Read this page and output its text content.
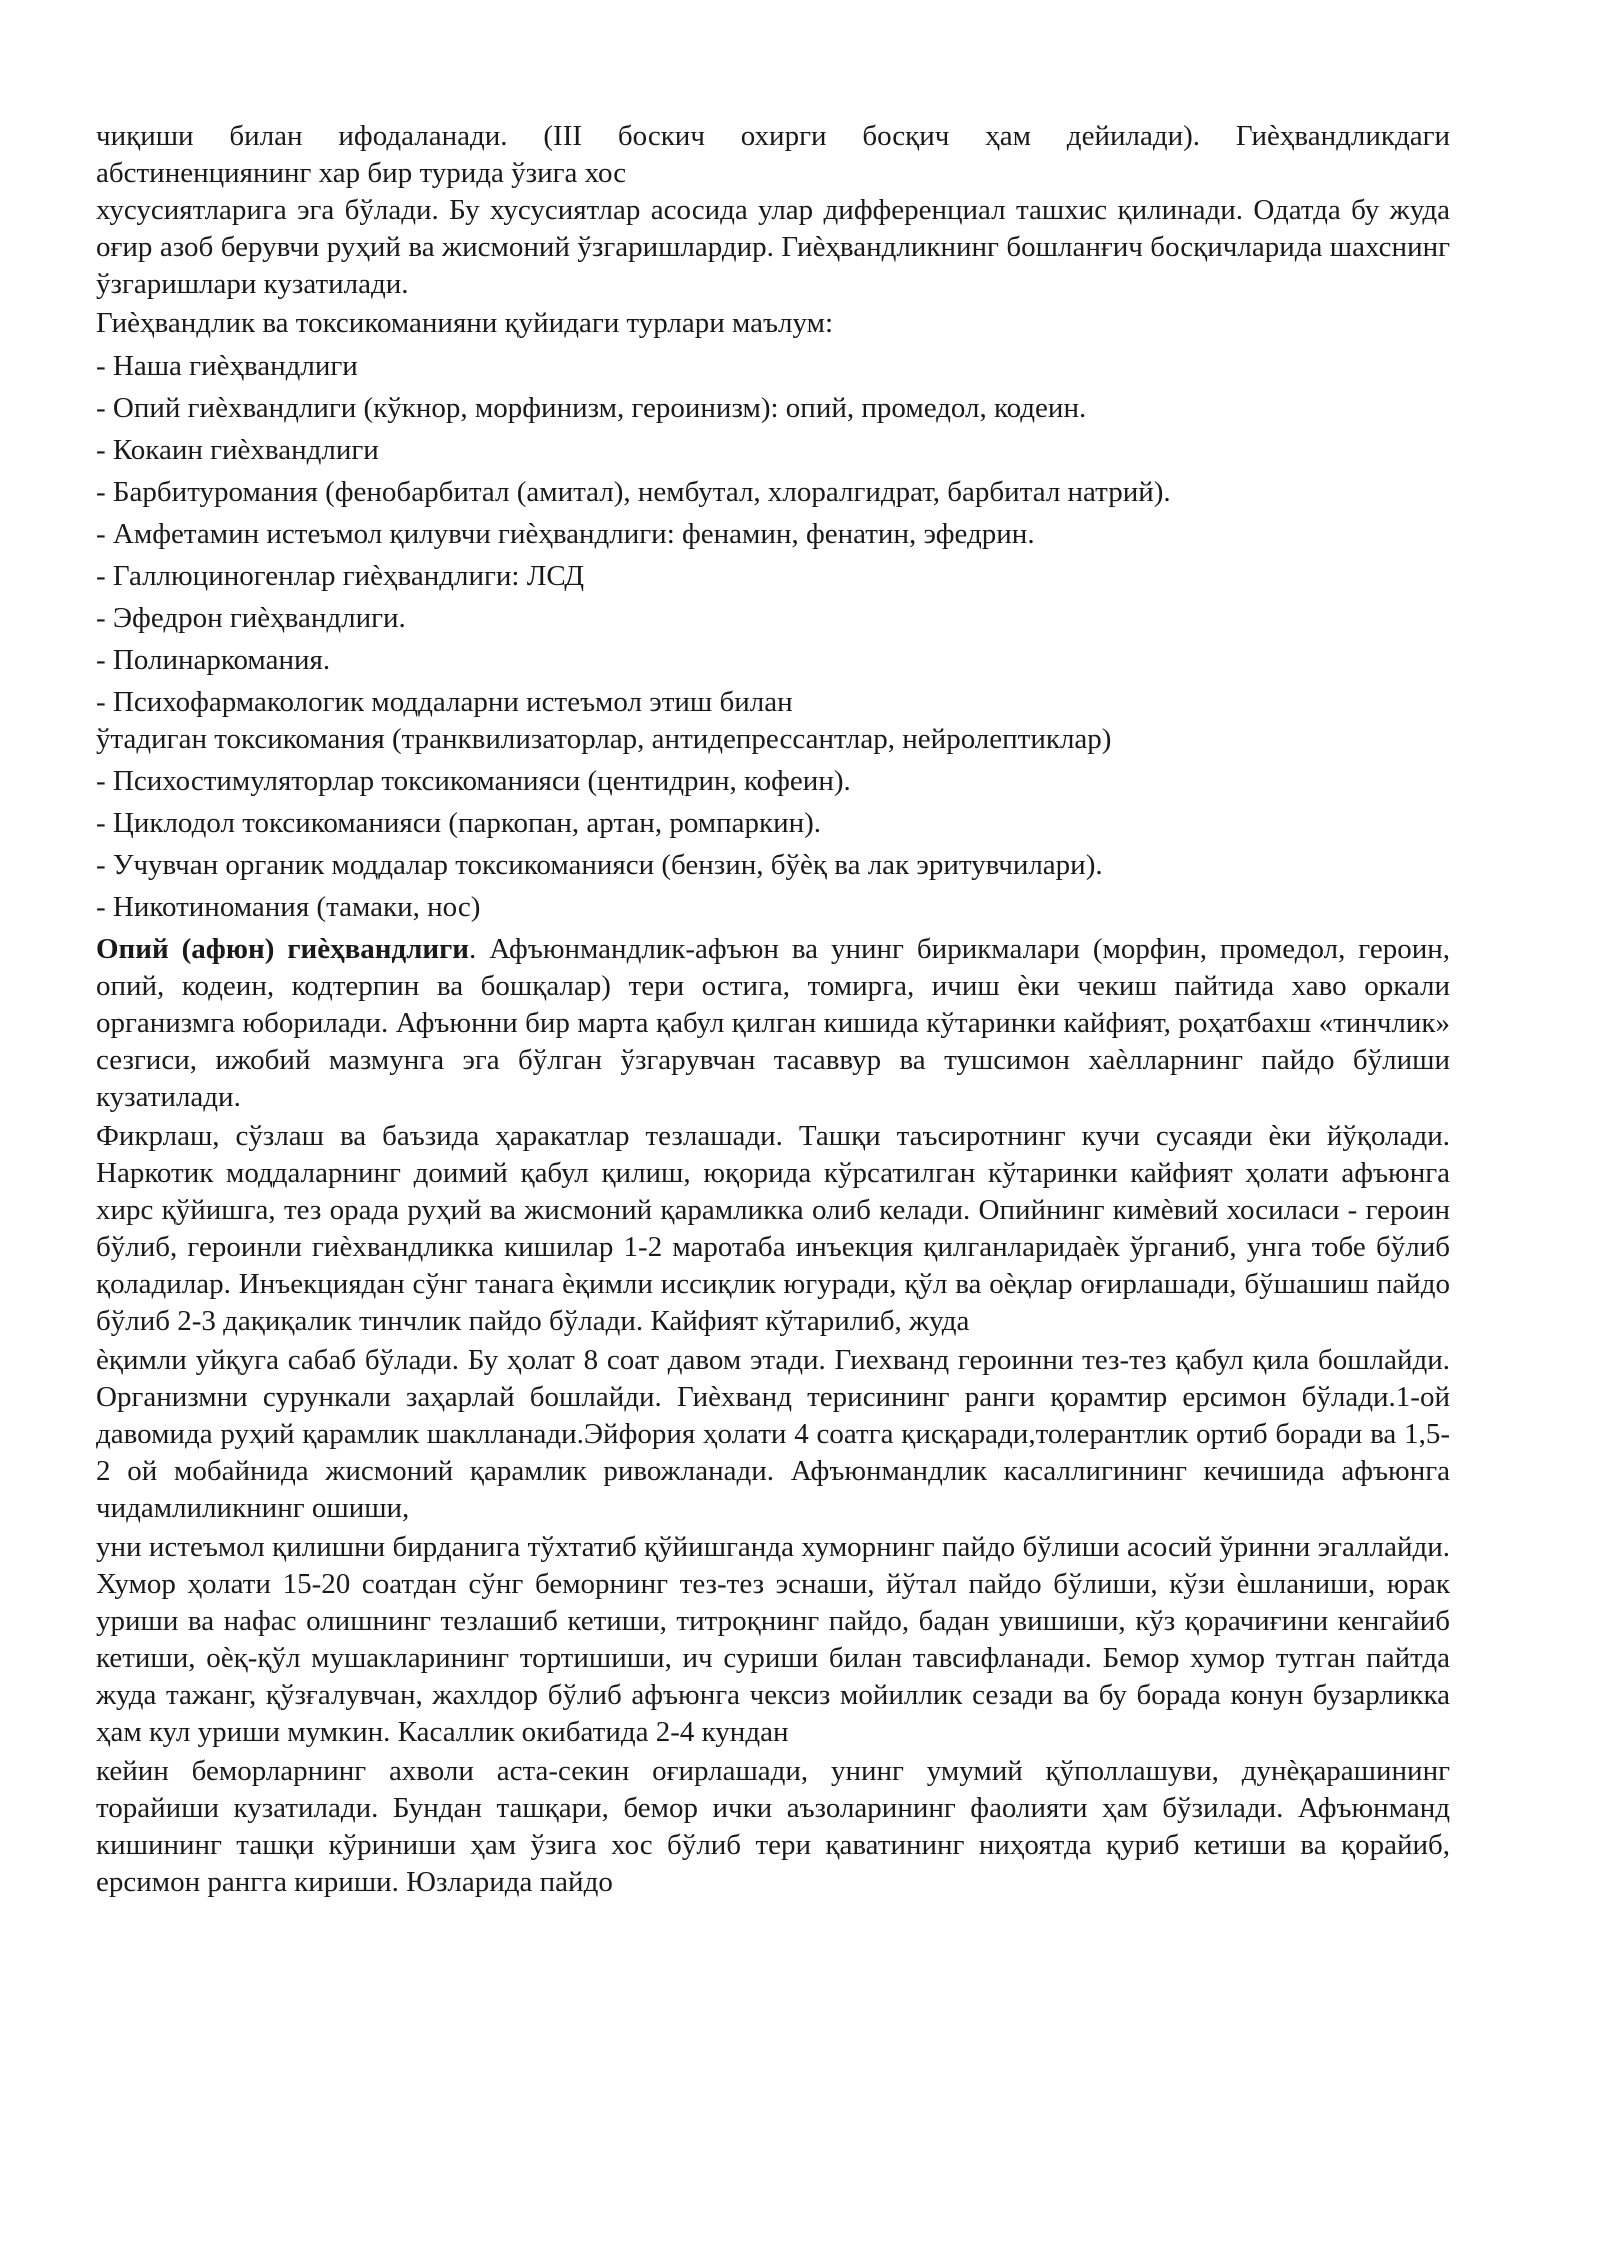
чиқиши билан ифодаланади. (III боскич охирги босқич ҳам дейилади). Гиѐҳвандликдаги
абстиненциянинг хар бир турида ўзига хос

хусусиятларига эга бўлади. Бу хусусиятлар асосида улар дифференциал ташхис қилинади. Одатда бу жуда оғир азоб берувчи руҳий ва жисмоний ўзгаришлардир. Гиѐҳвандликнинг бошланғич босқичларида шахснинг ўзгаришлари кузатилади.

Гиѐҳвандлик ва токсикоманияни қуйидаги турлари маълум:
- Наша гиѐҳвандлиги
- Опий гиѐхвандлиги (кўкнор, морфинизм, героинизм): опий, промедол, кодеин.
- Кокаин гиѐхвандлиги
- Барбитуромания (фенобарбитал (амитал), нембутал, хлоралгидрат, барбитал натрий).
- Амфетамин истеъмол қилувчи гиѐҳвандлиги: фенамин, фенатин, эфедрин.
- Галлюциногенлар гиѐҳвандлиги: ЛСД
- Эфедрон гиѐҳвандлиги.
- Полинаркомания.
- Психофармакологик моддаларни истеъмол этиш билан
ўтадиган токсикомания (транквилизаторлар, антидепрессантлар, нейролептиклар)
- Психостимуляторлар токсикоманияси (центидрин, кофеин).
- Циклодол токсикоманияси (паркопан, артан, ромпаркин).
- Учувчан органик моддалар токсикоманияси (бензин, бўѐқ ва лак эритувчилари).
- Никотиномания (тамаки, нос)

Опий (афюн) гиѐҳвандлиги. Афъюнмандлик-афъюн ва унинг бирикмалари (морфин, промедол, героин, опий, кодеин, кодтерпин ва бошқалар) тери остига, томирга, ичиш ѐки чекиш пайтида хаво оркали организмга юборилади. Афъюнни бир марта қабул қилган кишида кўтаринки кайфият, роҳатбахш «тинчлик» сезгиси, ижобий мазмунга эга бўлган ўзгарувчан тасаввур ва тушсимон хаѐлларнинг пайдо бўлиши кузатилади.

Фикрлаш, сўзлаш ва баъзида ҳаракатлар тезлашади. Ташқи таъсиротнинг кучи сусаяди ѐки йўқолади. Наркотик моддаларнинг доимий қабул қилиш, юқорида кўрсатилган кўтаринки кайфият ҳолати афъюнга хирс қўйишга, тез орада руҳий ва жисмоний қарамликка олиб келади. Опийнинг кимѐвий хосиласи - героин бўлиб, героинли гиѐхвандликка кишилар 1-2 маротаба инъекция қилганларидаѐк ўрганиб, унга тобе бўлиб қоладилар. Инъекциядан сўнг танага ѐқимли иссиқлик югуради, қўл ва оѐқлар оғирлашади, бўшашиш пайдо бўлиб 2-3 дақиқалик тинчлик пайдо бўлади. Кайфият кўтарилиб, жуда

ѐқимли уйқуга сабаб бўлади. Бу ҳолат 8 соат давом этади. Гиехванд героинни тез-тез қабул қила бошлайди. Организмни сурункали заҳарлай бошлайди. Гиѐхванд терисининг ранги қорамтир ерсимон бўлади.1-ой давомида руҳий қарамлик шаклланади.Эйфория ҳолати 4 соатга қисқаради,толерантлик ортиб боради ва 1,5-2 ой мобайнида жисмоний қарамлик ривожланади. Афъюнмандлик касаллигининг кечишида афъюнга чидамлиликнинг ошиши,

уни истеъмол қилишни бирданига тўхтатиб қўйишганда хуморнинг пайдо бўлиши асосий ўринни эгаллайди. Хумор ҳолати 15-20 соатдан сўнг беморнинг тез-тез эснаши, йўтал пайдо бўлиши, кўзи ѐшланиши, юрак уриши ва нафас олишнинг тезлашиб кетиши, титроқнинг пайдо, бадан увишиши, кўз қорачиғини кенгайиб кетиши, оѐқ-қўл мушакларининг тортишиши, ич суриши билан тавсифланади. Бемор хумор тутган пайтда жуда тажанг, қўзғалувчан, жахлдор бўлиб афъюнга чексиз мойиллик сезади ва бу борада конун бузарликка ҳам кул уриши мумкин. Касаллик окибатида 2-4 кундан

кейин беморларнинг ахволи аста-секин оғирлашади, унинг умумий қўполлашуви, дунѐқарашининг торайиши кузатилади. Бундан ташқари, бемор ички аъзоларининг фаолияти ҳам бўзилади. Афъюнманд кишининг ташқи кўриниши ҳам ўзига хос бўлиб тери қаватининг ниҳоятда қуриб кетиши ва қорайиб, ерсимон рангга кириши. Юзларида пайдо
